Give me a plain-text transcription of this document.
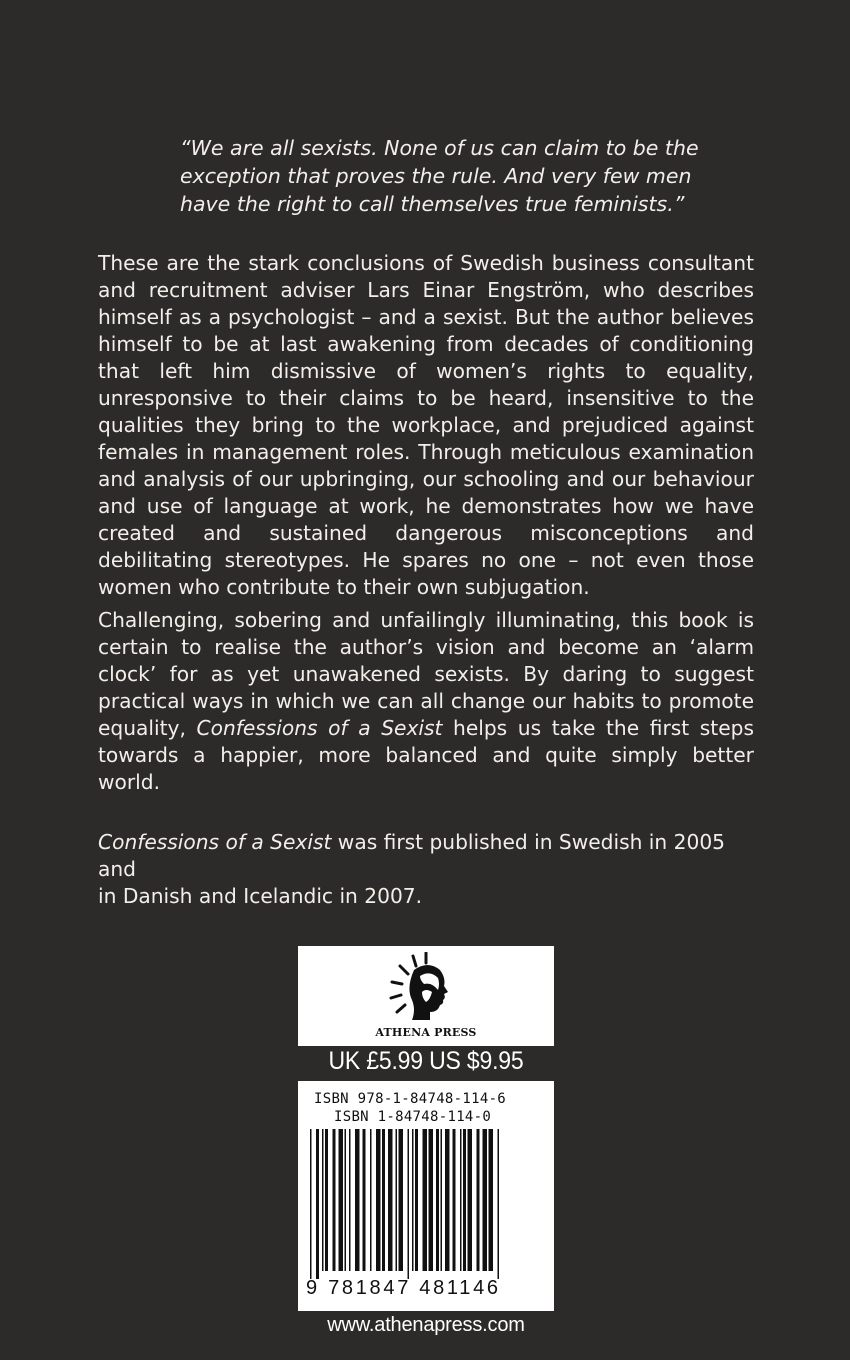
“We are all sexists. None of us can claim to be the exception that proves the rule. And very few men have the right to call themselves true feminists.”

These are the stark conclusions of Swedish business consultant and recruitment adviser Lars Einar Engström, who describes himself as a psychologist – and a sexist. But the author believes himself to be at last awakening from decades of conditioning that left him dismissive of women’s rights to equality, unresponsive to their claims to be heard, insensitive to the qualities they bring to the workplace, and prejudiced against females in management roles. Through meticulous examination and analysis of our upbringing, our schooling and our behaviour and use of language at work, he demonstrates how we have created and sustained dangerous misconceptions and debilitating stereotypes. He spares no one – not even those women who contribute to their own subjugation.

Challenging, sobering and unfailingly illuminating, this book is certain to realise the author’s vision and become an ‘alarm clock’ for as yet unawakened sexists. By daring to suggest practical ways in which we can all change our habits to promote equality, Confessions of a Sexist helps us take the first steps towards a happier, more balanced and quite simply better world.

Confessions of a Sexist was first published in Swedish in 2005 and
in Danish and Icelandic in 2007.

ATHENA PRESS
UK £5.99 US $9.95
ISBN 978-1-84748-114-6
ISBN 1-84748-114-0
9 781847 481146
www.athenapress.com
